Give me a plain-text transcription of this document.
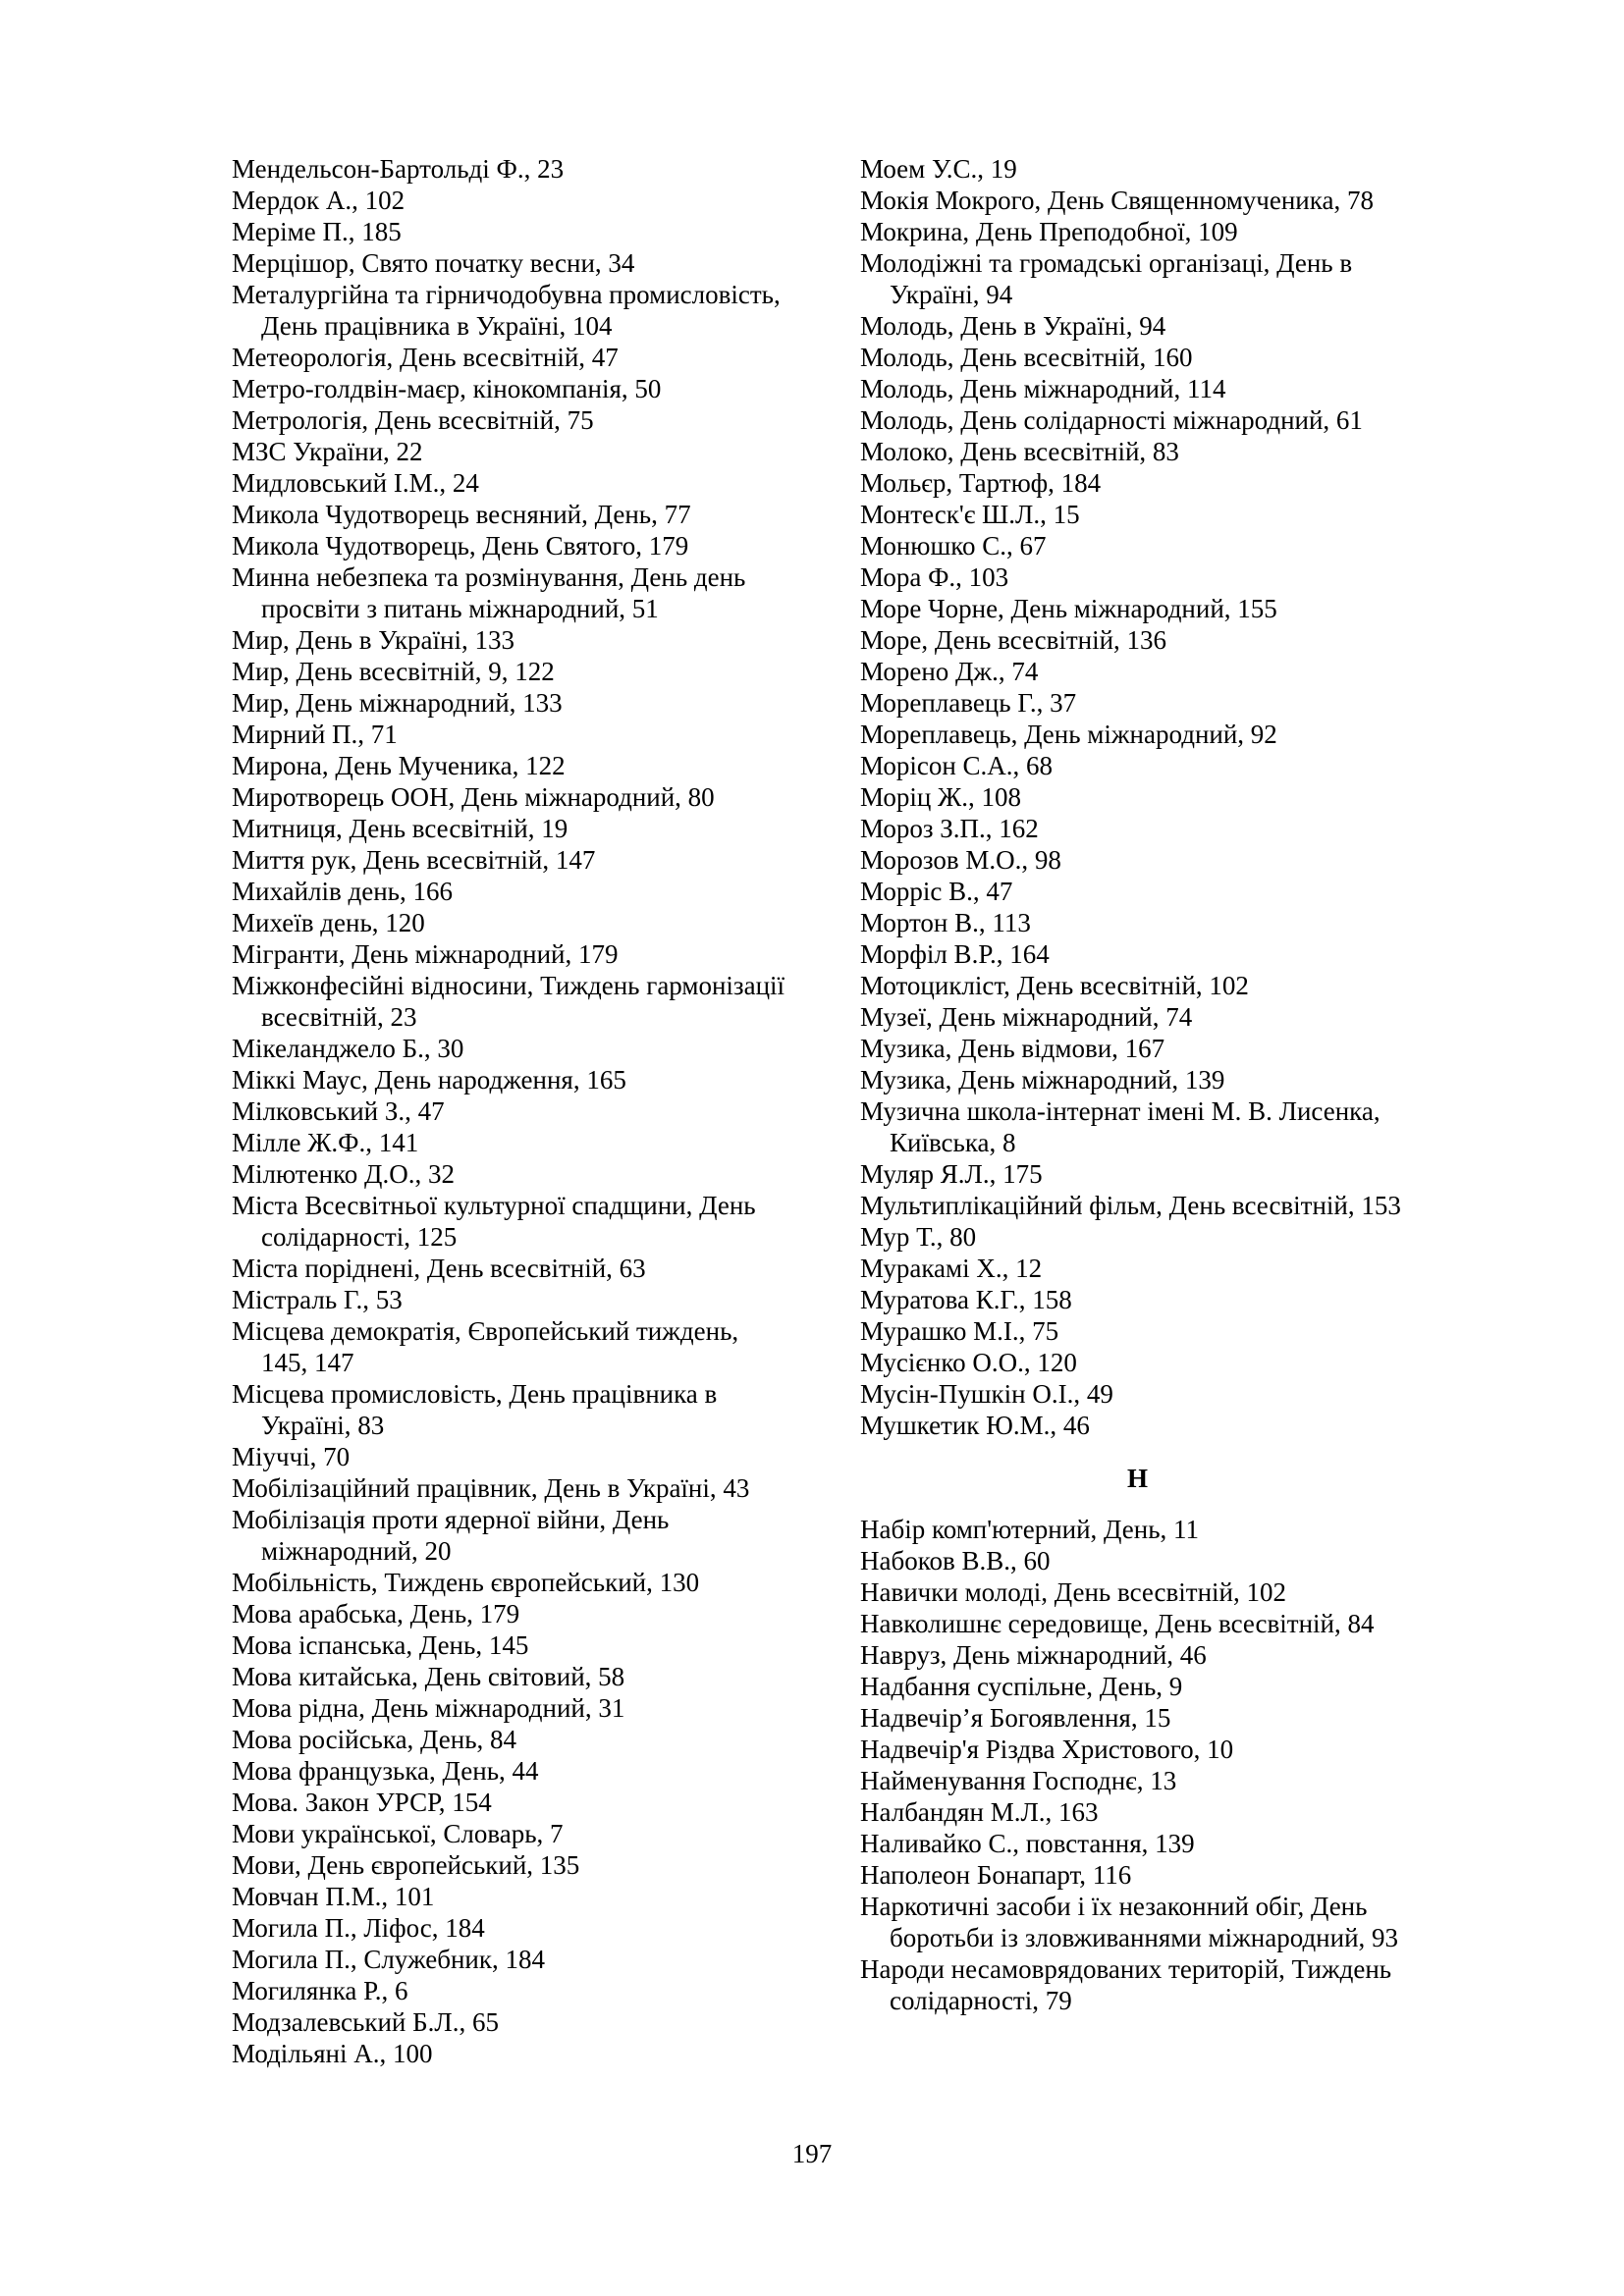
Мендельсон-Бартольді Ф., 23

Мердок А., 102

Меріме П., 185

Мерцішор, Свято початку весни, 34

Металургійна та гірничодобувна промисловість, День працівника в Україні, 104

Метеорологія, День всесвітній, 47

Метро-голдвін-маєр, кінокомпанія, 50

Метрологія, День всесвітній, 75

МЗС України, 22

Мидловський І.М., 24

Микола Чудотворець весняний, День, 77

Микола Чудотворець, День Святого, 179

Минна небезпека та розмінування, День день просвіти з питань міжнародний, 51

Мир, День в Україні, 133

Мир, День всесвітній, 9, 122

Мир, День міжнародний, 133

Мирний П., 71

Мирона, День Мученика, 122

Миротворець ООН, День міжнародний, 80

Митниця, День всесвітній, 19

Миття рук, День всесвітній, 147

Михайлів день, 166

Михеїв день, 120

Мігранти, День міжнародний, 179

Міжконфесійні відносини, Тиждень гармонізації всесвітній, 23

Мікеланджело Б., 30

Міккі Маус, День народження, 165

Мілковський З., 47

Мілле Ж.Ф., 141

Мілютенко Д.О., 32

Міста Всесвітньої культурної спадщини, День солідарності, 125

Міста поріднені, День всесвітній, 63

Містраль Г., 53

Місцева демократія, Європейський тиждень, 145, 147

Місцева промисловість, День працівника в Україні, 83

Міуччі, 70

Мобілізаційний працівник, День в Україні, 43

Мобілізація проти ядерної війни, День міжнародний, 20

Мобільність, Тиждень європейський, 130

Мова арабська, День, 179

Мова іспанська, День, 145

Мова китайська, День світовий, 58

Мова рідна, День міжнародний, 31

Мова російська, День, 84

Мова французька, День, 44

Мова. Закон УРСР, 154

Мови української, Словарь, 7

Мови, День європейський, 135

Мовчан П.М., 101

Могила П., Ліфос, 184

Могила П., Служебник, 184

Могилянка Р., 6

Модзалевський Б.Л., 65

Модільяні А., 100

Моем У.С., 19

Мокія Мокрого, День Священномученика, 78

Мокрина, День Преподобної, 109

Молодіжні та громадські організаці, День в Україні, 94

Молодь, День в Україні, 94

Молодь, День всесвітній, 160

Молодь, День міжнародний, 114

Молодь, День солідарності міжнародний, 61

Молоко, День всесвітній, 83

Мольєр, Тартюф, 184

Монтеск'є Ш.Л., 15

Монюшко С., 67

Мора Ф., 103

Море Чорне, День міжнародний, 155

Море, День всесвітній, 136

Морено Дж., 74

Мореплавець Г., 37

Мореплавець, День міжнародний, 92

Морісон С.А., 68

Моріц Ж., 108

Мороз З.П., 162

Морозов М.О., 98

Морріс В., 47

Мортон В., 113

Морфіл В.Р., 164

Мотоцикліст, День всесвітній, 102

Музеї, День міжнародний, 74

Музика, День відмови, 167

Музика, День міжнародний, 139

Музична школа-інтернат імені М. В. Лисенка, Київська, 8

Муляр Я.Л., 175

Мультиплікаційний фільм, День всесвітній, 153

Мур Т., 80

Муракамі Х., 12

Муратова К.Г., 158

Мурашко М.І., 75

Мусієнко О.О., 120

Мусін-Пушкін О.І., 49

Мушкетик Ю.М., 46

Н

Набір комп'ютерний, День, 11

Набоков В.В., 60

Навички молоді, День всесвітній, 102

Навколишнє середовище, День всесвітній, 84

Навруз, День міжнародний, 46

Надбання суспільне, День, 9

Надвечір’я Богоявлення, 15

Надвечір'я Різдва Христового, 10

Найменування Господнє, 13

Налбандян М.Л., 163

Наливайко С., повстання, 139

Наполеон Бонапарт, 116

Наркотичні засоби і їх незаконний обіг, День боротьби із зловживаннями міжнародний, 93

Народи несамоврядованих територій, Тиждень солідарності, 79

197
